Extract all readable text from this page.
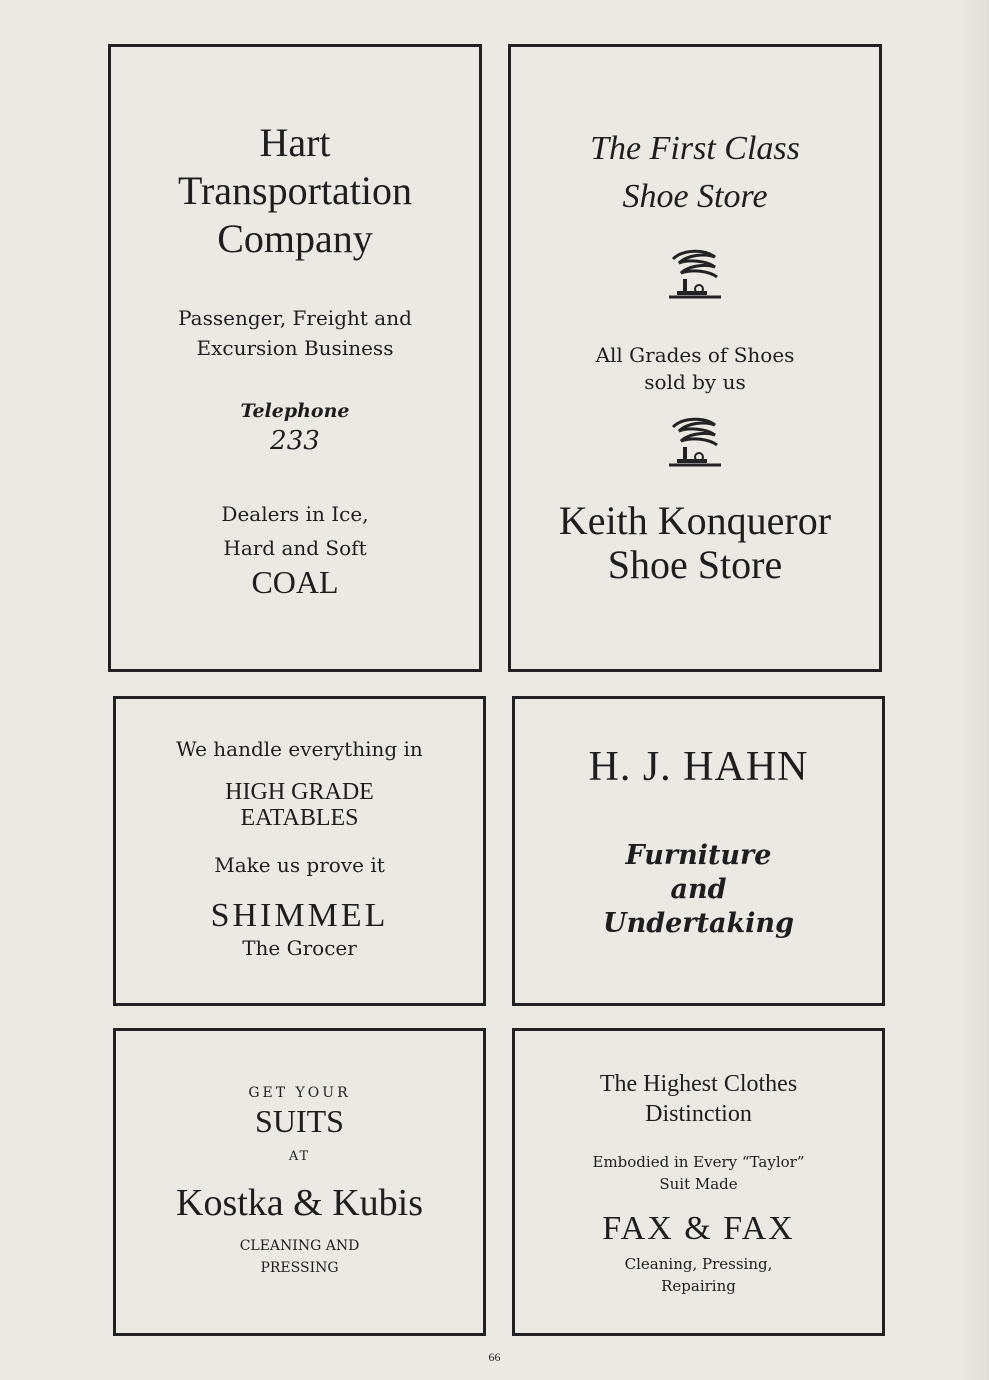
Hart
Transportation
Company
Passenger, Freight and
Excursion Business
Telephone
233
Dealers in Ice,
Hard and Soft
COAL
The First Class
Shoe Store
All Grades of Shoes
sold by us
Keith Konqueror
Shoe Store
We handle everything in
HIGH GRADE
EATABLES
Make us prove it
SHIMMEL
The Grocer
H. J. HAHN
Furniture
and
Undertaking
GET YOUR
SUITS
AT
Kostka & Kubis
CLEANING AND
PRESSING
The Highest Clothes
Distinction
Embodied in Every “Taylor”
Suit Made
FAX & FAX
Cleaning, Pressing,
Repairing
66
